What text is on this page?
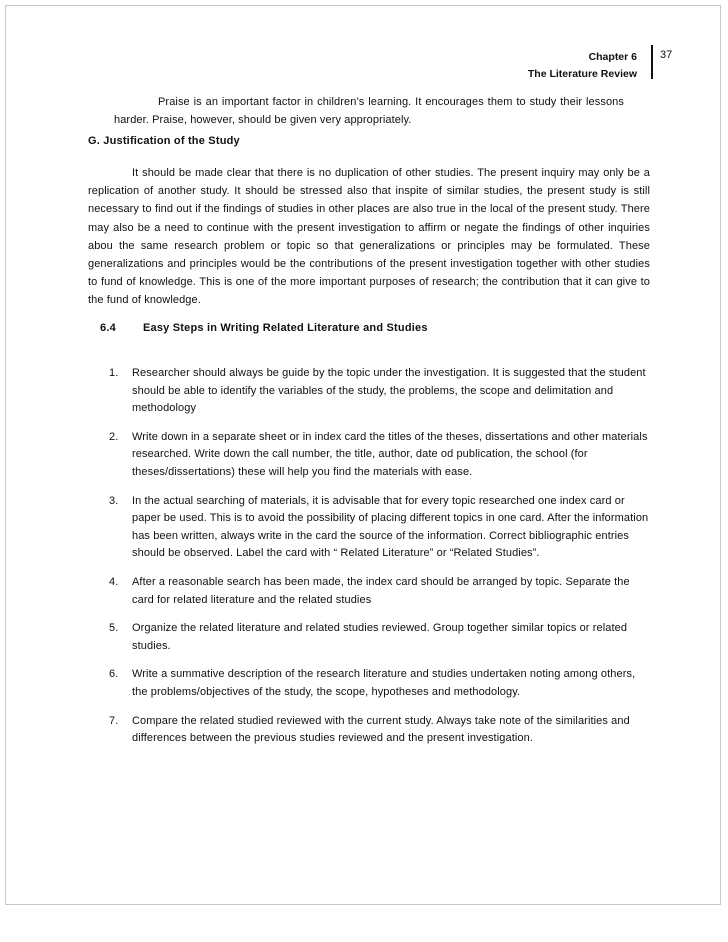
Chapter 6
The Literature Review
37
Praise is an important factor in children’s learning. It encourages them to study their lessons harder. Praise, however, should be given very appropriately.
G. Justification of the Study
It should be made clear that there is no duplication of other studies. The present inquiry may only be a replication of another study. It should be stressed also that inspite of similar studies, the present study is still necessary to find out if the findings of studies in other places are also true in the local of the present study. There may also be a need to continue with the present investigation to affirm or negate the findings of other inquiries abou the same research problem or topic so that generalizations or principles may be formulated. These generalizations and principles would be the contributions of the present investigation together with other studies to fund of knowledge. This is one of the more important purposes of research; the contribution that it can give to the fund of knowledge.
6.4 Easy Steps in Writing Related Literature and Studies
1. Researcher should always be guide by the topic under the investigation. It is suggested that the student should be able to identify the variables of the study, the problems, the scope and delimitation and methodology
2. Write down in a separate sheet or in index card the titles of the theses, dissertations and other materials researched. Write down the call number, the title, author, date od publication, the school (for theses/dissertations) these will help you find the materials with ease.
3. In the actual searching of materials, it is advisable that for every topic researched one index card or paper be used. This is to avoid the possibility of placing different topics in one card. After the information has been written, always write in the card the source of the information. Correct bibliographic entries should be observed. Label the card with “ Related Literature” or “Related Studies”.
4. After a reasonable search has been made, the index card should be arranged by topic. Separate the card for related literature and the related studies
5. Organize the related literature and related studies reviewed. Group together similar topics or related studies.
6. Write a summative description of the research literature and studies undertaken noting among others, the problems/objectives of the study, the scope, hypotheses and methodology.
7. Compare the related studied reviewed with the current study. Always take note of the similarities and differences between the previous studies reviewed and the present investigation.
